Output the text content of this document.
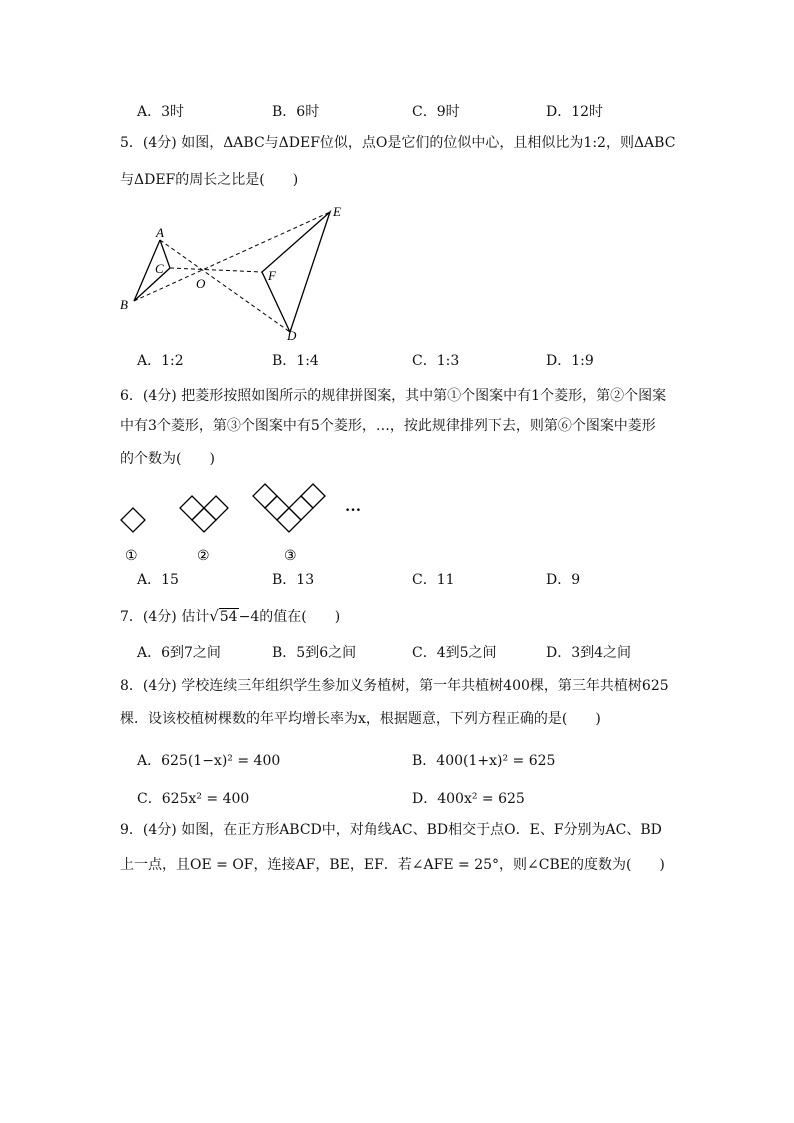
A．3时	B．6时	C．9时	D．12时
5．(4分) 如图，ΔABC与ΔDEF位似，点O是它们的位似中心，且相似比为1:2，则ΔABC
与ΔDEF的周长之比是(　　)
A
B
C
O
F
E
D
A．1:2	B．1:4	C．1:3	D．1:9
6．(4分) 把菱形按照如图所示的规律拼图案，其中第①个图案中有1个菱形，第②个图案
中有3个菱形，第③个图案中有5个菱形，…，按此规律排列下去，则第⑥个图案中菱形
的个数为(　　)
…
①	②	③
A．15	B．13	C．11	D．9
7．(4分) 估计√54−4的值在(　　)
A．6到7之间	B．5到6之间	C．4到5之间	D．3到4之间
8．(4分) 学校连续三年组织学生参加义务植树，第一年共植树400棵，第三年共植树625
棵．设该校植树棵数的年平均增长率为x，根据题意，下列方程正确的是(　　)
A．625(1−x)² = 400	B．400(1+x)² = 625
C．625x² = 400	D．400x² = 625
9．(4分) 如图，在正方形ABCD中，对角线AC、BD相交于点O．E、F分别为AC、BD
上一点，且OE = OF，连接AF，BE，EF．若∠AFE = 25°，则∠CBE的度数为(　　)
